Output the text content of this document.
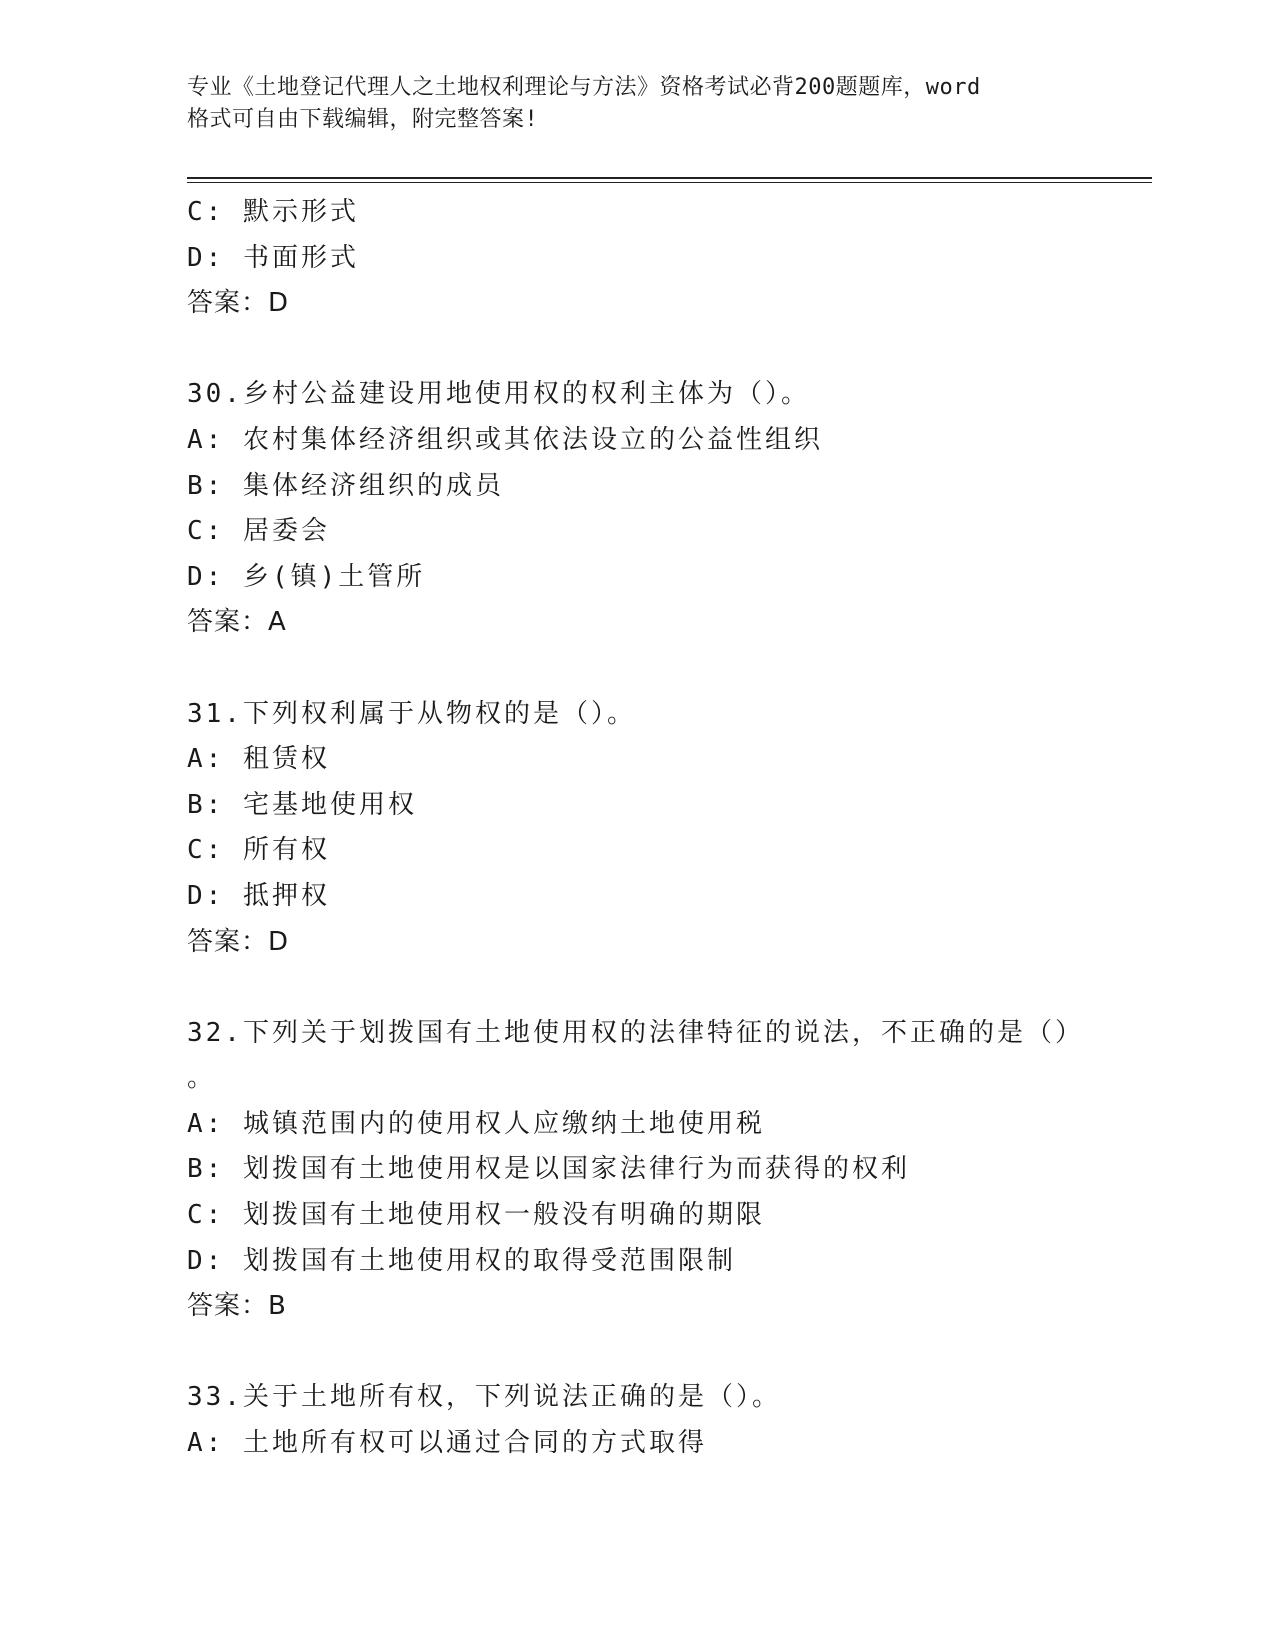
专业《土地登记代理人之土地权利理论与方法》资格考试必背200题题库，word
格式可自由下载编辑，附完整答案!
C: 默示形式
D: 书面形式
答案：D
30.乡村公益建设用地使用权的权利主体为（）。
A: 农村集体经济组织或其依法设立的公益性组织
B: 集体经济组织的成员
C: 居委会
D: 乡(镇)土管所
答案：A
31.下列权利属于从物权的是（）。
A: 租赁权
B: 宅基地使用权
C: 所有权
D: 抵押权
答案：D
32.下列关于划拨国有土地使用权的法律特征的说法，不正确的是（）
。
A: 城镇范围内的使用权人应缴纳土地使用税
B: 划拨国有土地使用权是以国家法律行为而获得的权利
C: 划拨国有土地使用权一般没有明确的期限
D: 划拨国有土地使用权的取得受范围限制
答案：B
33.关于土地所有权，下列说法正确的是（）。
A: 土地所有权可以通过合同的方式取得
